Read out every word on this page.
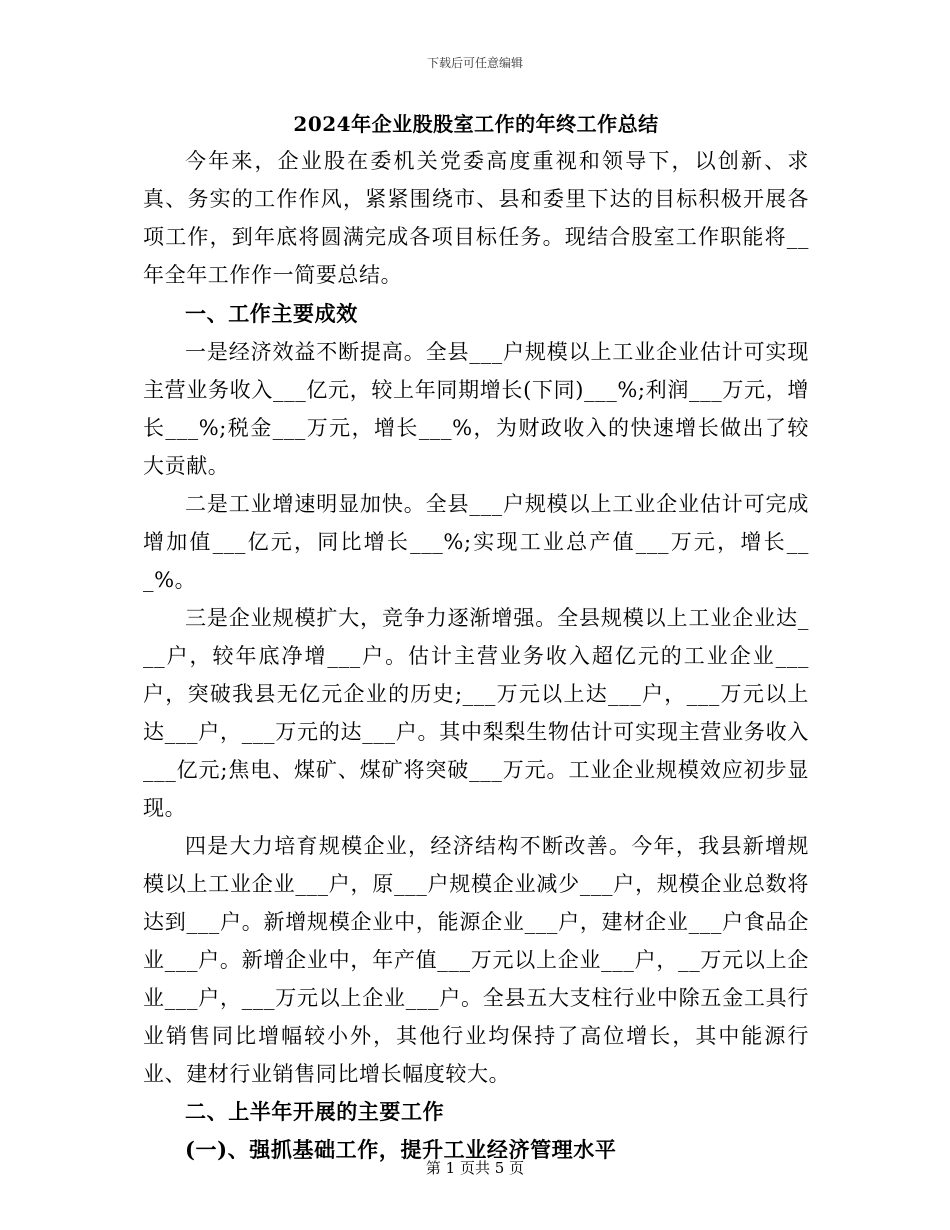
下载后可任意编辑
2024年企业股股室工作的年终工作总结

今年来，企业股在委机关党委高度重视和领导下，以创新、求真、务实的工作作风，紧紧围绕市、县和委里下达的目标积极开展各项工作，到年底将圆满完成各项目标任务。现结合股室工作职能将__年全年工作作一简要总结。

一、工作主要成效

一是经济效益不断提高。全县___户规模以上工业企业估计可实现主营业务收入___亿元，较上年同期增长(下同)___%;利润___万元，增长___%;税金___万元，增长___%，为财政收入的快速增长做出了较大贡献。

二是工业增速明显加快。全县___户规模以上工业企业估计可完成增加值___亿元，同比增长___%;实现工业总产值___万元，增长___%。

三是企业规模扩大，竞争力逐渐增强。全县规模以上工业企业达___户，较年底净增___户。估计主营业务收入超亿元的工业企业___户，突破我县无亿元企业的历史;___万元以上达___户，___万元以上达___户，___万元的达___户。其中梨梨生物估计可实现主营业务收入___亿元;焦电、煤矿、煤矿将突破___万元。工业企业规模效应初步显现。

四是大力培育规模企业，经济结构不断改善。今年，我县新增规模以上工业企业___户，原___户规模企业减少___户，规模企业总数将达到___户。新增规模企业中，能源企业___户，建材企业___户食品企业___户。新增企业中，年产值___万元以上企业___户，__万元以上企业___户，___万元以上企业___户。全县五大支柱行业中除五金工具行业销售同比增幅较小外，其他行业均保持了高位增长，其中能源行业、建材行业销售同比增长幅度较大。

二、上半年开展的主要工作
(一)、强抓基础工作，提升工业经济管理水平
第 1 页共 5 页
